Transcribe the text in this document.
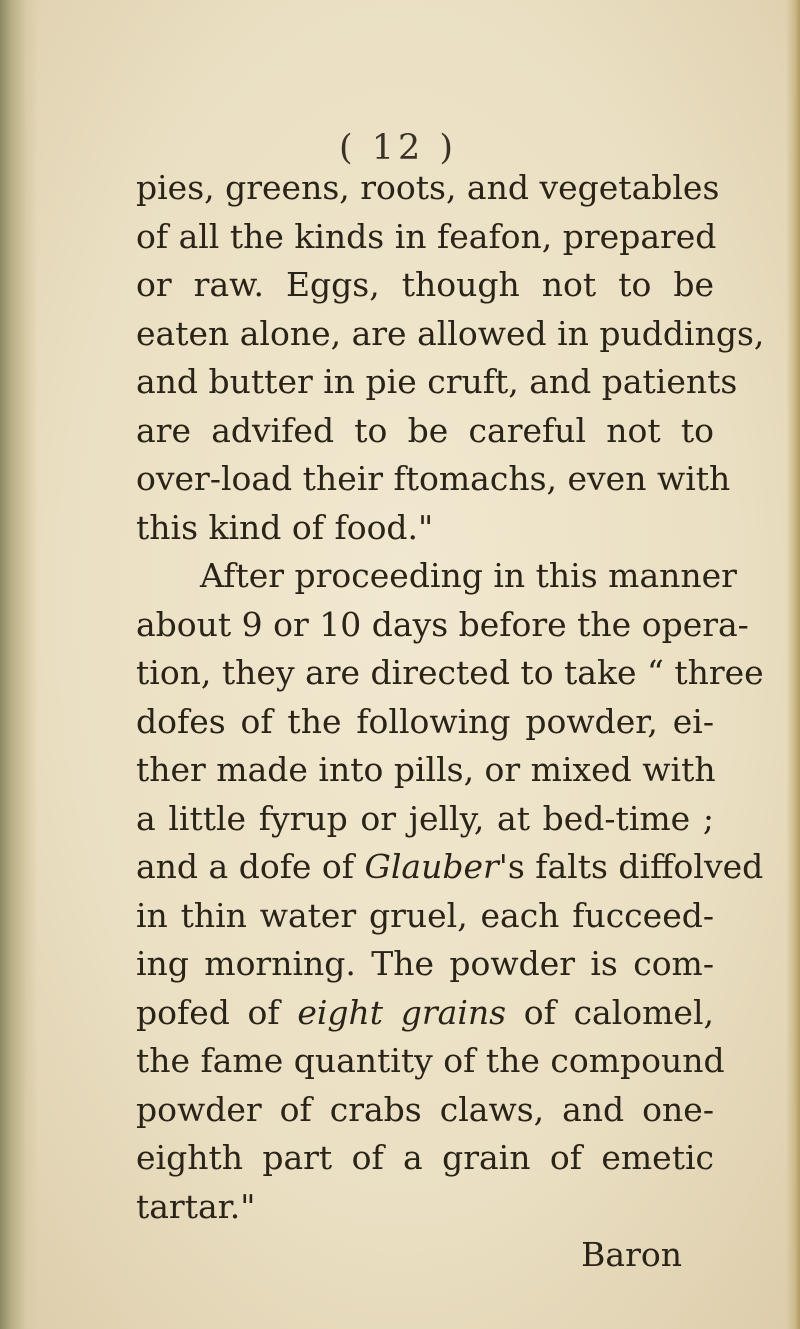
( 12 )
pies, greens, roots, and vegetables
of all the kinds in feafon, prepared
or raw. Eggs, though not to be
eaten alone, are allowed in puddings,
and butter in pie cruft, and patients
are advifed to be careful not to
over-load their ftomachs, even with
this kind of food."
After proceeding in this manner
about 9 or 10 days before the opera-
tion, they are directed to take “ three
dofes of the following powder, ei-
ther made into pills, or mixed with
a little fyrup or jelly, at bed-time ;
and a dofe of Glauber's falts diffolved
in thin water gruel, each fucceed-
ing morning. The powder is com-
pofed of eight grains of calomel,
the fame quantity of the compound
powder of crabs claws, and one-
eighth part of a grain of emetic
tartar."
Baron
